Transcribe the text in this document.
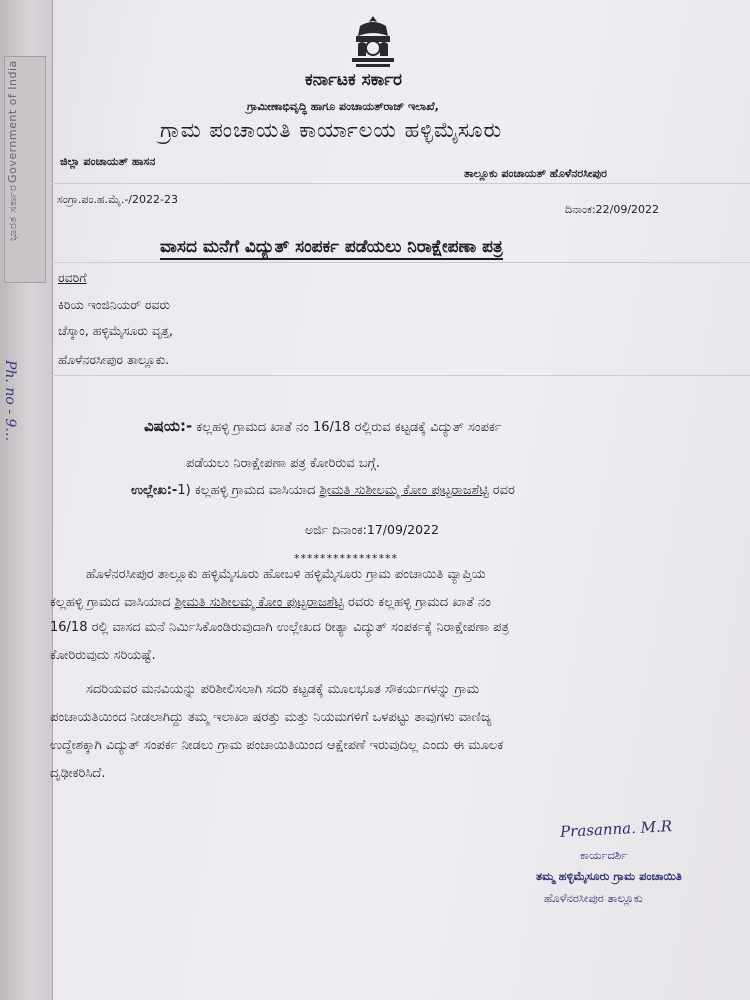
ಭಾರತ ಸರ್ಕಾರ
Government of India
Ph. no - 9…
ಕರ್ನಾಟಕ ಸರ್ಕಾರ
ಗ್ರಾಮೀಣಾಭಿವೃದ್ಧಿ ಹಾಗೂ ಪಂಚಾಯತ್‌ರಾಜ್ ಇಲಾಖೆ,
ಗ್ರಾಮ ಪಂಚಾಯತಿ ಕಾರ್ಯಾಲಯ ಹಳ್ಳಿಮೈಸೂರು
ಜಿಲ್ಲಾ ಪಂಚಾಯತ್ ಹಾಸನ
ತಾಲ್ಲೂಕು ಪಂಚಾಯತ್ ಹೊಳೆನರಸೀಪುರ
ಸಂಗ್ರಾ.ಪಂ.ಹ.ಮೈ.-/2022-23
ದಿನಾಂಕ:22/09/2022
ವಾಸದ ಮನೆಗೆ ವಿದ್ಯುತ್ ಸಂಪರ್ಕ ಪಡೆಯಲು ನಿರಾಕ್ಷೇಪಣಾ ಪತ್ರ
ರವರಿಗೆ
ಕಿರಿಯ ಇಂಜಿನಿಯರ್ ರವರು
ಚೆಸ್ಕಾಂ, ಹಳ್ಳಿಮೈಸೂರು ವೃತ್ತ,
ಹೊಳೆನರಸೀಪುರ ತಾಲ್ಲೂಕು.
ವಿಷಯ:- ಕಲ್ಲಹಳ್ಳಿ ಗ್ರಾಮದ ಖಾತೆ ನಂ 16/18 ರಲ್ಲಿರುವ ಕಟ್ಟಡಕ್ಕೆ ವಿದ್ಯುತ್ ಸಂಪರ್ಕ
ಪಡೆಯಲು ನಿರಾಕ್ಷೇಪಣಾ ಪತ್ರ ಕೋರಿರುವ ಬಗ್ಗೆ.
ಉಲ್ಲೇಖ:-1) ಕಲ್ಲಹಳ್ಳಿ ಗ್ರಾಮದ ವಾಸಿಯಾದ ಶ್ರೀಮತಿ ಸುಶೀಲಮ್ಮ ಕೋಂ ಪುಟ್ಟರಾಜಶೆಟ್ಟಿ ರವರ
ಅರ್ಜಿ ದಿನಾಂಕ:17/09/2022
****************
ಹೊಳೆನರಸೀಪುರ ತಾಲ್ಲೂಕು ಹಳ್ಳಿಮೈಸೂರು ಹೋಬಳಿ ಹಳ್ಳಿಮೈಸೂರು ಗ್ರಾಮ ಪಂಚಾಯಿತಿ ವ್ಯಾಪ್ತಿಯ
ಕಲ್ಲಹಳ್ಳಿ ಗ್ರಾಮದ ವಾಸಿಯಾದ ಶ್ರೀಮತಿ ಸುಶೀಲಮ್ಮ ಕೋಂ ಪುಟ್ಟರಾಜಶೆಟ್ಟಿ ರವರು ಕಲ್ಲಹಳ್ಳಿ ಗ್ರಾಮದ ಖಾತೆ ನಂ
16/18 ರಲ್ಲಿ ವಾಸದ ಮನೆ ನಿರ್ಮಿಸಿಕೊಂಡಿರುವುದಾಗಿ ಉಲ್ಲೇಖದ ರೀತ್ಯಾ ವಿದ್ಯುತ್ ಸಂಪರ್ಕಕ್ಕೆ ನಿರಾಕ್ಷೇಪಣಾ ಪತ್ರ
ಕೋರಿರುವುದು ಸರಿಯಷ್ಟೆ.
ಸದರಿಯವರ ಮನವಿಯನ್ನು ಪರಿಶೀಲಿಸಲಾಗಿ ಸದರಿ ಕಟ್ಟಡಕ್ಕೆ ಮೂಲಭೂತ ಸೌಕರ್ಯಗಳನ್ನು ಗ್ರಾಮ
ಪಂಚಾಯತಿಯಿಂದ ನೀಡಲಾಗಿದ್ದು ತಮ್ಮ ಇಲಾಖಾ ಷರತ್ತು ಮತ್ತು ನಿಯಮಗಳಿಗೆ ಒಳಪಟ್ಟು ತಾವುಗಳು ವಾಣಿಜ್ಯ
ಉದ್ದೇಶಕ್ಕಾಗಿ ವಿದ್ಯುತ್ ಸಂಪರ್ಕ ನೀಡಲು ಗ್ರಾಮ ಪಂಚಾಯಿತಿಯಿಂದ ಆಕ್ಷೇಪಣೆ ಇರುವುದಿಲ್ಲ ಎಂದು ಈ ಮೂಲಕ
ದೃಢೀಕರಿಸಿದೆ.
Prasanna. M.R
ಕಾರ್ಯದರ್ಶಿ
ತಮ್ಮ ಹಳ್ಳಿಮೈಸೂರು ಗ್ರಾಮ ಪಂಚಾಯಿತಿ
ಹೊಳೆನರಸೀಪುರ ತಾಲ್ಲೂಕು
